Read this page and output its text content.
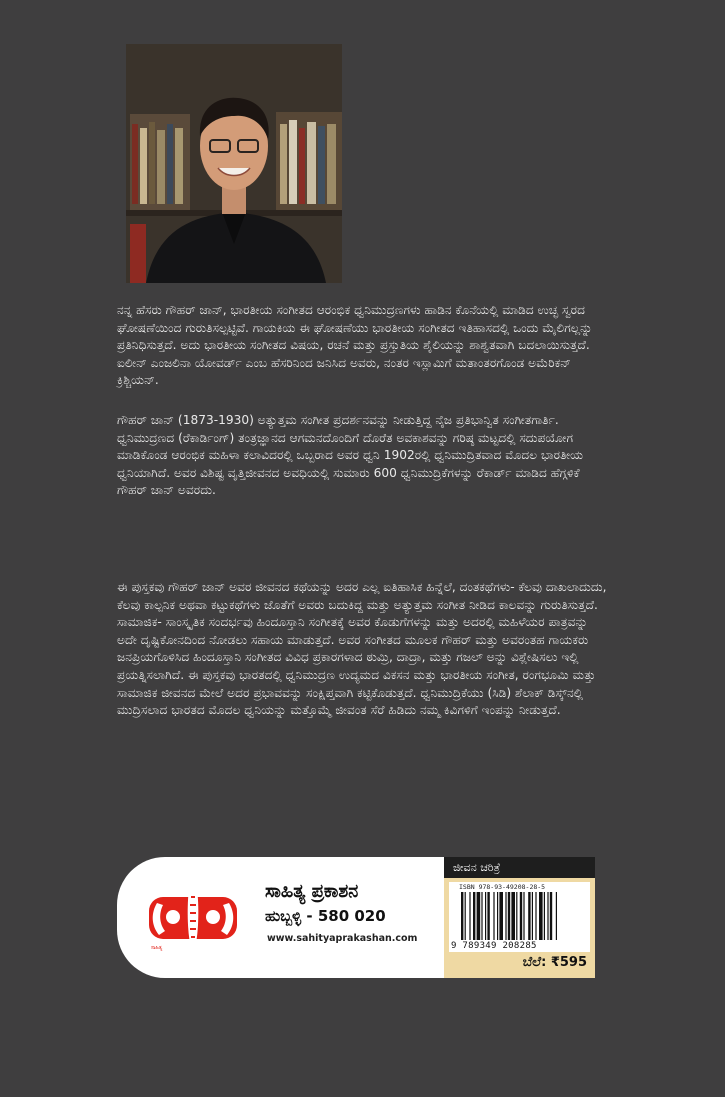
ನನ್ನ ಹೆಸರು ಗೌಹರ್ ಜಾನ್, ಭಾರತೀಯ ಸಂಗೀತದ ಆರಂಭಿಕ ಧ್ವನಿಮುದ್ರಣಗಳು ಹಾಡಿನ ಕೊನೆಯಲ್ಲಿ ಮಾಡಿದ ಉಚ್ಛ ಸ್ವರದ ಘೋಷಣೆಯಿಂದ ಗುರುತಿಸಲ್ಪಟ್ಟಿವೆ. ಗಾಯಕಿಯ ಈ ಘೋಷಣೆಯು ಭಾರತೀಯ ಸಂಗೀತದ ಇತಿಹಾಸದಲ್ಲಿ ಒಂದು ಮೈಲಿಗಲ್ಲನ್ನು ಪ್ರತಿನಿಧಿಸುತ್ತದೆ. ಅದು ಭಾರತೀಯ ಸಂಗೀತದ ವಿಷಯ, ರಚನೆ ಮತ್ತು ಪ್ರಸ್ತುತಿಯ ಶೈಲಿಯನ್ನು ಶಾಶ್ವತವಾಗಿ ಬದಲಾಯಿಸುತ್ತದೆ. ಐಲೀನ್ ಎಂಜಲಿನಾ ಯೋವರ್ಡ್ ಎಂಬ ಹೆಸರಿನಿಂದ ಜನಿಸಿದ ಅವರು, ನಂತರ ಇಸ್ಲಾಮಿಗೆ ಮತಾಂತರಗೊಂಡ ಅಮೆರಿಕನ್ ಕ್ರಿಶ್ಚಿಯನ್.

ಗೌಹರ್ ಜಾನ್ (1873-1930) ಅತ್ಯುತ್ತಮ ಸಂಗೀತ ಪ್ರದರ್ಶನವನ್ನು ನೀಡುತ್ತಿದ್ದ ನೈಜ ಪ್ರತಿಭಾನ್ವಿತ ಸಂಗೀತಗಾರ್ತಿ. ಧ್ವನಿಮುದ್ರಣದ (ರೆಕಾರ್ಡಿಂಗ್) ತಂತ್ರಜ್ಞಾನದ ಆಗಮನದೊಂದಿಗೆ ದೊರೆತ ಅವಕಾಶವನ್ನು ಗರಿಷ್ಠ ಮಟ್ಟದಲ್ಲಿ ಸದುಪಯೋಗ ಮಾಡಿಕೊಂಡ ಆರಂಭಿಕ ಮಹಿಳಾ ಕಲಾವಿದರಲ್ಲಿ ಒಬ್ಬರಾದ ಅವರ ಧ್ವನಿ 1902ರಲ್ಲಿ ಧ್ವನಿಮುದ್ರಿತವಾದ ಮೊದಲ ಭಾರತೀಯ ಧ್ವನಿಯಾಗಿದೆ. ಅವರ ವಿಶಿಷ್ಟ ವೃತ್ತಿಜೀವನದ ಅವಧಿಯಲ್ಲಿ ಸುಮಾರು 600 ಧ್ವನಿಮುದ್ರಿಕೆಗಳನ್ನು ರೆಕಾರ್ಡ್ ಮಾಡಿದ ಹೆಗ್ಗಳಿಕೆ ಗೌಹರ್ ಜಾನ್ ಅವರದು.

ಈ ಪುಸ್ತಕವು ಗೌಹರ್ ಜಾನ್ ಅವರ ಜೀವನದ ಕಥೆಯನ್ನು ಅದರ ಎಲ್ಲ ಐತಿಹಾಸಿಕ ಹಿನ್ನೆಲೆ, ದಂತಕಥೆಗಳು- ಕೆಲವು ದಾಖಲಾದುದು, ಕೆಲವು ಕಾಲ್ಪನಿಕ ಅಥವಾ ಕಟ್ಟುಕಥೆಗಳು ಜೊತೆಗೆ ಅವರು ಬದುಕಿದ್ದ ಮತ್ತು ಅತ್ಯುತ್ತಮ ಸಂಗೀತ ನೀಡಿದ ಕಾಲವನ್ನು ಗುರುತಿಸುತ್ತದೆ. ಸಾಮಾಜಿಕ- ಸಾಂಸ್ಕೃತಿಕ ಸಂದರ್ಭವು ಹಿಂದೂಸ್ತಾನಿ ಸಂಗೀತಕ್ಕೆ ಅವರ ಕೊಡುಗೆಗಳನ್ನು ಮತ್ತು ಅದರಲ್ಲಿ ಮಹಿಳೆಯರ ಪಾತ್ರವನ್ನು ಅದೇ ದೃಷ್ಟಿಕೋನದಿಂದ ನೋಡಲು ಸಹಾಯ ಮಾಡುತ್ತದೆ. ಅವರ ಸಂಗೀತದ ಮೂಲಕ ಗೌಹರ್ ಮತ್ತು ಅವರಂತಹ ಗಾಯಕರು ಜನಪ್ರಿಯಗೊಳಿಸಿದ ಹಿಂದೂಸ್ತಾನಿ ಸಂಗೀತದ ವಿವಿಧ ಪ್ರಕಾರಗಳಾದ ಠುಮ್ರಿ, ದಾದ್ರಾ, ಮತ್ತು ಗಜಲ್ ಅನ್ನು ವಿಶ್ಲೇಷಿಸಲು ಇಲ್ಲಿ ಪ್ರಯತ್ನಿಸಲಾಗಿದೆ. ಈ ಪುಸ್ತಕವು ಭಾರತದಲ್ಲಿ ಧ್ವನಿಮುದ್ರಣ ಉದ್ಯಮದ ವಿಕಸನ ಮತ್ತು ಭಾರತೀಯ ಸಂಗೀತ, ರಂಗಭೂಮಿ ಮತ್ತು ಸಾಮಾಜಿಕ ಜೀವನದ ಮೇಲೆ ಅದರ ಪ್ರಭಾವವನ್ನು ಸಂಕ್ಷಿಪ್ತವಾಗಿ ಕಟ್ಟಿಕೊಡುತ್ತದೆ. ಧ್ವನಿಮುದ್ರಿಕೆಯು (ಸಿಡಿ) ಶೆಲಾಕ್ ಡಿಸ್ಕ್‌ನಲ್ಲಿ ಮುದ್ರಿಸಲಾದ ಭಾರತದ ಮೊದಲ ಧ್ವನಿಯನ್ನು ಮತ್ತೊಮ್ಮೆ ಜೀವಂತ ಸೆರೆ ಹಿಡಿದು ನಮ್ಮ ಕಿವಿಗಳಿಗೆ ಇಂಪನ್ನು ನೀಡುತ್ತದೆ.

ಸಾಹಿತ್ಯ
ಸಾಹಿತ್ಯ ಪ್ರಕಾಶನ
ಹುಬ್ಬಳ್ಳಿ - 580 020
www.sahityaprakashan.com
ಜೀವನ ಚರಿತ್ರೆ
ISBN 978-93-49208-28-5
9 789349 208285
ಬೆಲೆ: ₹595
